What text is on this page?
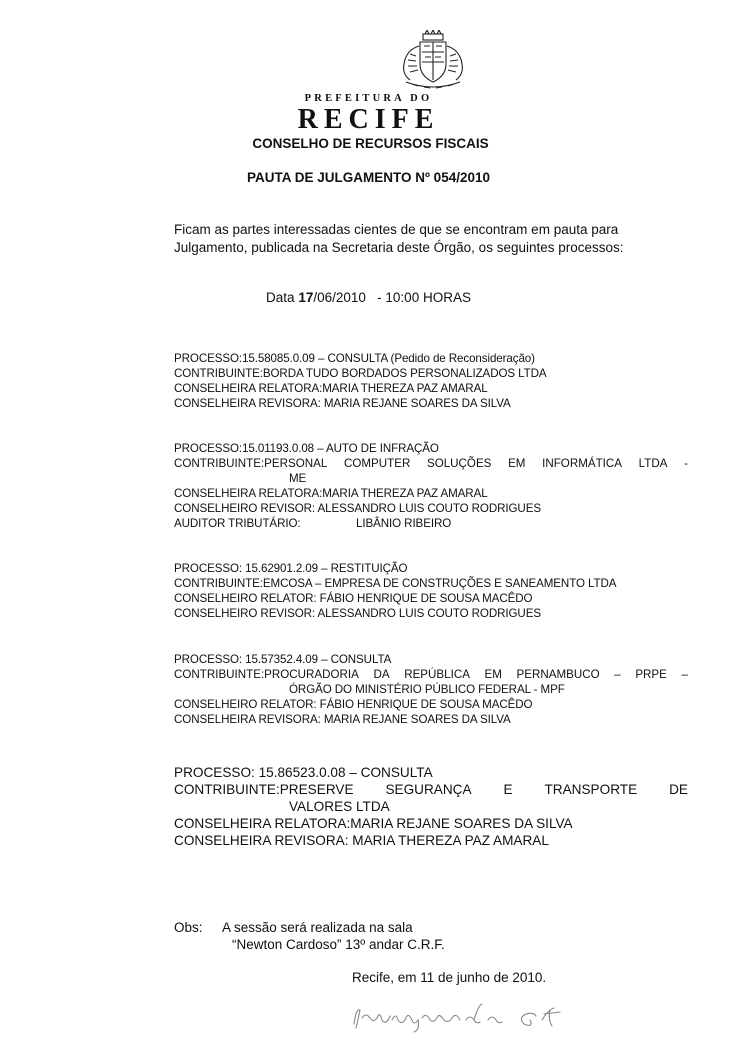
PREFEITURA DO
RECIFE
CONSELHO DE RECURSOS FISCAIS
PAUTA DE JULGAMENTO Nº 054/2010
Ficam as partes interessadas cientes de que se encontram em pauta para
Julgamento, publicada na Secretaria deste Órgão, os seguintes processos:
Data 17/06/2010 - 10:00 HORAS
PROCESSO:15.58085.0.09 – CONSULTA (Pedido de Reconsideração)
CONTRIBUINTE:BORDA TUDO BORDADOS PERSONALIZADOS LTDA
CONSELHEIRA RELATORA:MARIA THEREZA PAZ AMARAL
CONSELHEIRA REVISORA: MARIA REJANE SOARES DA SILVA
PROCESSO:15.01193.0.08 – AUTO DE INFRAÇÃO
CONTRIBUINTE:PERSONAL COMPUTER SOLUÇÕES EM INFORMÁTICA LTDA -
ME
CONSELHEIRA RELATORA:MARIA THEREZA PAZ AMARAL
CONSELHEIRO REVISOR: ALESSANDRO LUIS COUTO RODRIGUES
AUDITOR TRIBUTÁRIO:	LIBÂNIO RIBEIRO
PROCESSO: 15.62901.2.09 – RESTITUIÇÃO
CONTRIBUINTE:EMCOSA – EMPRESA DE CONSTRUÇÕES E SANEAMENTO LTDA
CONSELHEIRO RELATOR: FÁBIO HENRIQUE DE SOUSA MACÊDO
CONSELHEIRO REVISOR: ALESSANDRO LUIS COUTO RODRIGUES
PROCESSO: 15.57352.4.09 – CONSULTA
CONTRIBUINTE:PROCURADORIA DA REPÚBLICA EM PERNAMBUCO – PRPE –
ÓRGÃO DO MINISTÉRIO PÚBLICO FEDERAL - MPF
CONSELHEIRO RELATOR: FÁBIO HENRIQUE DE SOUSA MACÊDO
CONSELHEIRA REVISORA: MARIA REJANE SOARES DA SILVA
PROCESSO: 15.86523.0.08 – CONSULTA
CONTRIBUINTE:PRESERVE SEGURANÇA E TRANSPORTE DE
VALORES LTDA
CONSELHEIRA RELATORA:MARIA REJANE SOARES DA SILVA
CONSELHEIRA REVISORA: MARIA THEREZA PAZ AMARAL
Obs: A sessão será realizada na sala
“Newton Cardoso” 13º andar C.R.F.
Recife, em 11 de junho de 2010.
